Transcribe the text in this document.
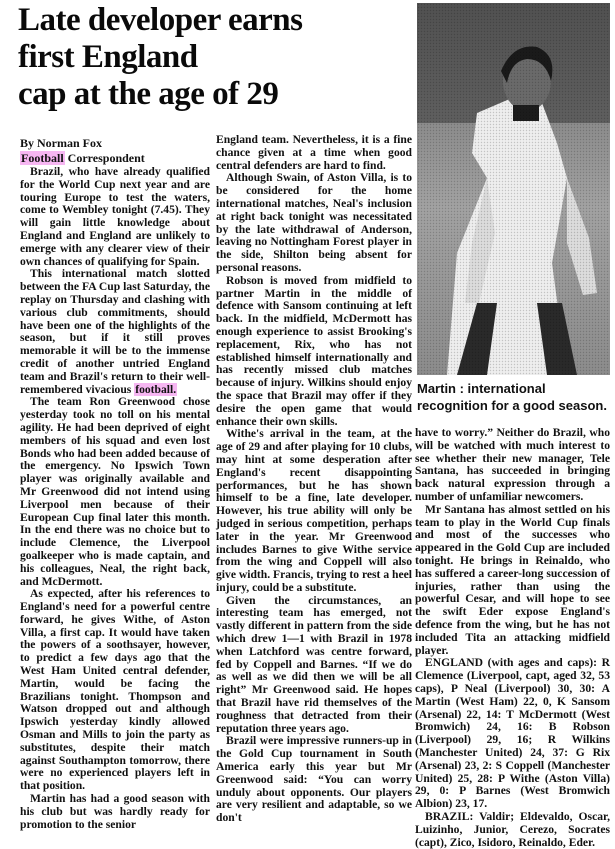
Late developer earns
first England
cap at the age of 29
By Norman Fox
Football Correspondent

Brazil, who have already qualified for the World Cup next year and are touring Europe to test the waters, come to Wembley tonight (7.45). They will gain little knowledge about England and England are unlikely to emerge with any clearer view of their own chances of qualifying for Spain.

This international match slotted between the FA Cup last Saturday, the replay on Thursday and clashing with various club commitments, should have been one of the highlights of the season, but if it still proves memorable it will be to the immense credit of another untried England team and Brazil's return to their well-remembered vivacious football.

The team Ron Greenwood chose yesterday took no toll on his mental agility. He had been deprived of eight members of his squad and even lost Bonds who had been added because of the emergency. No Ipswich Town player was originally available and Mr Greenwood did not intend using Liverpool men because of their European Cup final later this month. In the end there was no choice but to include Clemence, the Liverpool goalkeeper who is made captain, and his colleagues, Neal, the right back, and McDermott.

As expected, after his references to England's need for a powerful centre forward, he gives Withe, of Aston Villa, a first cap. It would have taken the powers of a soothsayer, however, to predict a few days ago that the West Ham United central defender, Martin, would be facing the Brazilians tonight. Thompson and Watson dropped out and although Ipswich yesterday kindly allowed Osman and Mills to join the party as substitutes, despite their match against Southampton tomorrow, there were no experienced players left in that position.

Martin has had a good season with his club but was hardly ready for promotion to the senior

England team. Nevertheless, it is a fine chance given at a time when good central defenders are hard to find.

Although Swain, of Aston Villa, is to be considered for the home international matches, Neal's inclusion at right back tonight was necessitated by the late withdrawal of Anderson, leaving no Nottingham Forest player in the side, Shilton being absent for personal reasons.

Robson is moved from midfield to partner Martin in the middle of defence with Sansom continuing at left back. In the midfield, McDermott has enough experience to assist Brooking's replacement, Rix, who has not established himself internationally and has recently missed club matches because of injury. Wilkins should enjoy the space that Brazil may offer if they desire the open game that would enhance their own skills.

Withe's arrival in the team, at the age of 29 and after playing for 10 clubs, may hint at some desperation after England's recent disappointing performances, but he has shown himself to be a fine, late developer. However, his true ability will only be judged in serious competition, perhaps later in the year. Mr Greenwood includes Barnes to give Withe service from the wing and Coppell will also give width. Francis, trying to rest a heel injury, could be a substitute.

Given the circumstances, an interesting team has emerged, not vastly different in pattern from the side which drew 1—1 with Brazil in 1978 when Latchford was centre forward, fed by Coppell and Barnes. “If we do as well as we did then we will be all right” Mr Greenwood said. He hopes that Brazil have rid themselves of the roughness that detracted from their reputation three years ago.

Brazil were impressive runners-up in the Gold Cup tournament in South America early this year but Mr Greenwood said: “You can worry unduly about opponents. Our players are very resilient and adaptable, so we don't

Martin : international recognition for a good season.

have to worry.” Neither do Brazil, who will be watched with much interest to see whether their new manager, Tele Santana, has succeeded in bringing back natural expression through a number of unfamiliar newcomers.

Mr Santana has almost settled on his team to play in the World Cup finals and most of the successes who appeared in the Gold Cup are included tonight. He brings in Reinaldo, who has suffered a career-long succession of injuries, rather than using the powerful Cesar, and will hope to see the swift Eder expose England's defence from the wing, but he has not included Tita an attacking midfield player.

ENGLAND (with ages and caps): R Clemence (Liverpool, capt, aged 32, 53 caps), P Neal (Liverpool) 30, 30: A Martin (West Ham) 22, 0, K Sansom (Arsenal) 22, 14: T McDermott (West Bromwich) 24, 16: B Robson (Liverpool) 29, 16; R Wilkins (Manchester United) 24, 37: G Rix (Arsenal) 23, 2: S Coppell (Manchester United) 25, 28: P Withe (Aston Villa) 29, 0: P Barnes (West Bromwich Albion) 23, 17.

BRAZIL: Valdir; Eldevaldo, Oscar, Luizinho, Junior, Cerezo, Socrates (capt), Zico, Isidoro, Reinaldo, Eder.
